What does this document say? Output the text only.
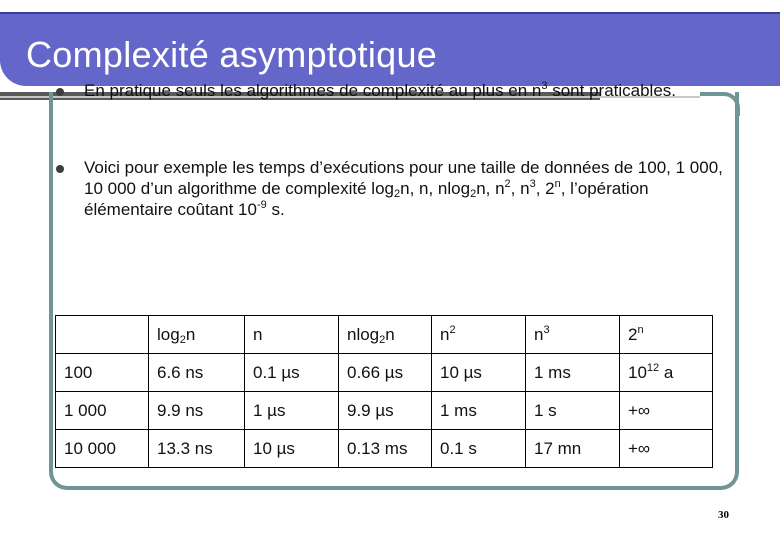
Complexité asymptotique
En pratique seuls les algorithmes de complexité au plus en $n^3$ sont praticables.
Voici pour exemple les temps d’exécutions pour une taille de données de 100, 1 000, 10 000 d’un algorithme de complexité $\log_2n$, n, nlog$_2$n, $n^2$, $n^3$, 2$^n$, l’opération élémentaire coûtant $10^{-9}$ s.
	$\log_2n$	n	nlog$_2$n	$n^2$	$n^3$	2$^n$
100	6.6 ns	0.1 µs	0.66 µs	10 µs	1 ms	$10^{12}$ a
1 000	9.9 ns	1 µs	9.9 µs	1 ms	1 s	+∞
10 000	13.3 ns	10 µs	0.13 ms	0.1 s	17 mn	+∞
30
